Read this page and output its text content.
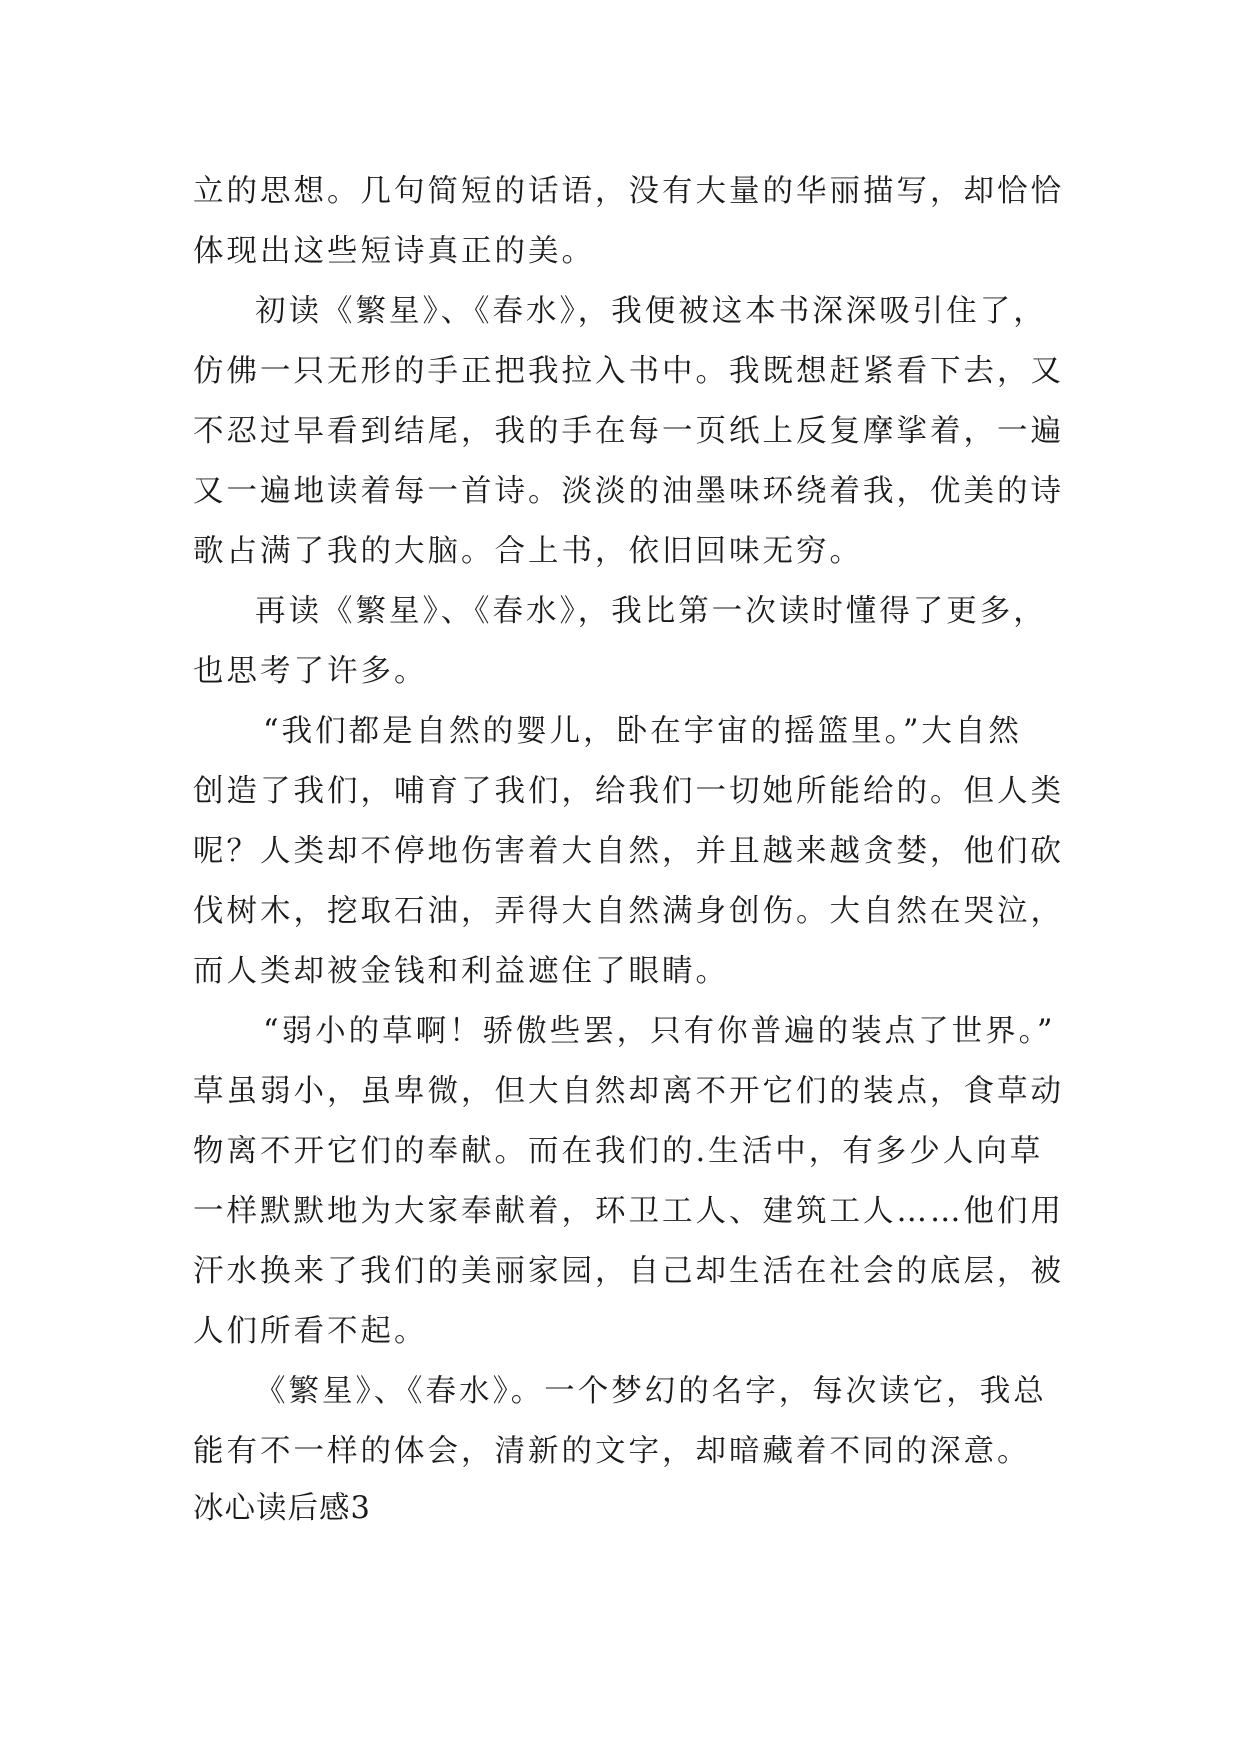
立的思想。几句简短的话语，没有大量的华丽描写，却恰恰
体现出这些短诗真正的美。
初读《繁星》、《春水》，我便被这本书深深吸引住了，
仿佛一只无形的手正把我拉入书中。我既想赶紧看下去，又
不忍过早看到结尾，我的手在每一页纸上反复摩挲着，一遍
又一遍地读着每一首诗。淡淡的油墨味环绕着我，优美的诗
歌占满了我的大脑。合上书，依旧回味无穷。
再读《繁星》、《春水》，我比第一次读时懂得了更多，
也思考了许多。
“我们都是自然的婴儿，卧在宇宙的摇篮里。”大自然
创造了我们，哺育了我们，给我们一切她所能给的。但人类
呢？人类却不停地伤害着大自然，并且越来越贪婪，他们砍
伐树木，挖取石油，弄得大自然满身创伤。大自然在哭泣，
而人类却被金钱和利益遮住了眼睛。
“弱小的草啊！骄傲些罢，只有你普遍的装点了世界。”
草虽弱小，虽卑微，但大自然却离不开它们的装点，食草动
物离不开它们的奉献。而在我们的.生活中，有多少人向草
一样默默地为大家奉献着，环卫工人、建筑工人……他们用
汗水换来了我们的美丽家园，自己却生活在社会的底层，被
人们所看不起。
《繁星》、《春水》。一个梦幻的名字，每次读它，我总
能有不一样的体会，清新的文字，却暗藏着不同的深意。
冰心读后感3
